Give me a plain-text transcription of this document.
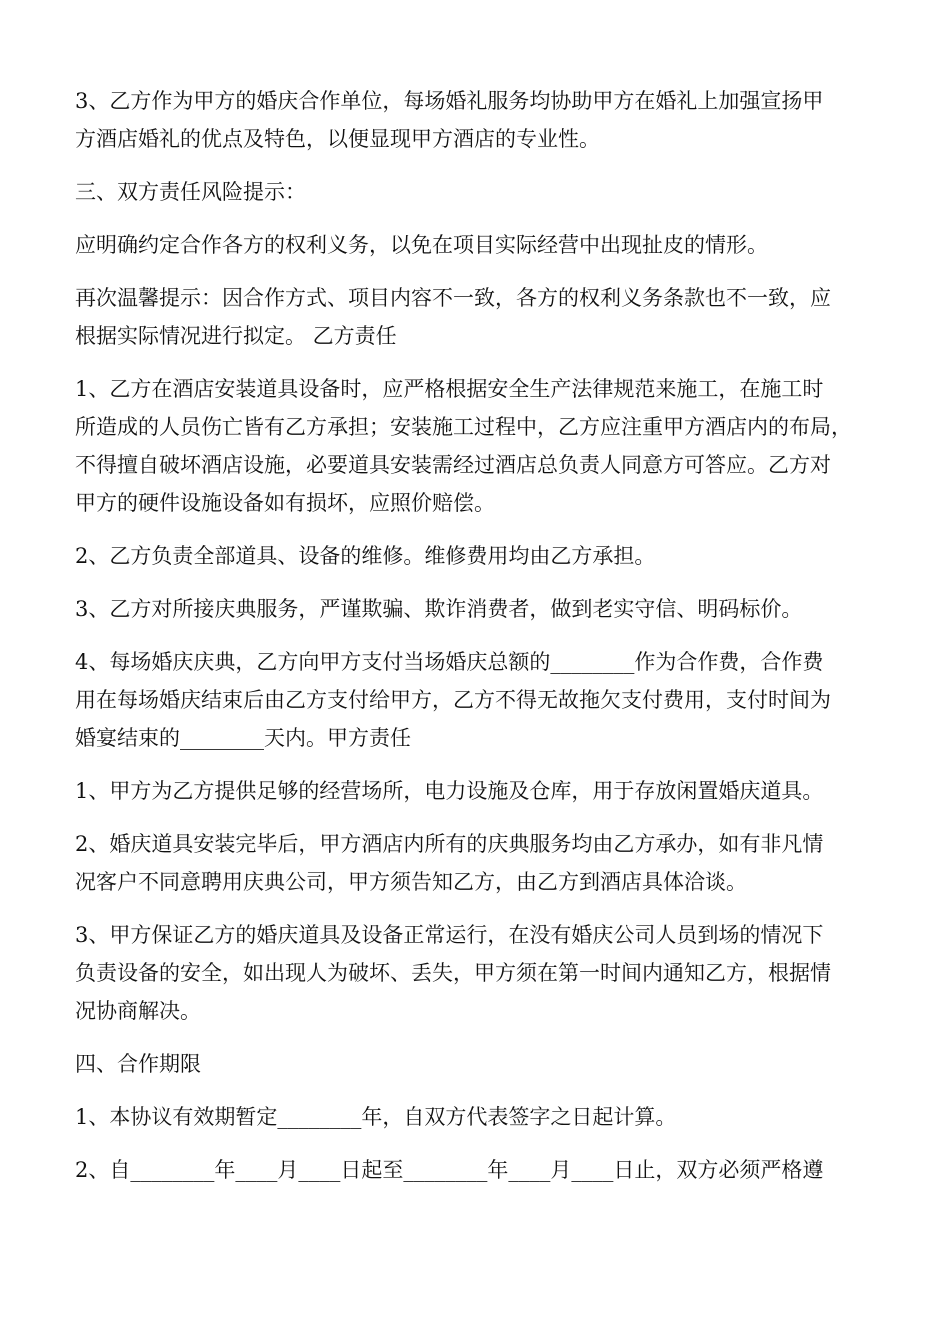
3、乙方作为甲方的婚庆合作单位，每场婚礼服务均协助甲方在婚礼上加强宣扬甲

方酒店婚礼的优点及特色，以便显现甲方酒店的专业性。

三、双方责任风险提示：

应明确约定合作各方的权利义务，以免在项目实际经营中出现扯皮的情形。

再次温馨提示：因合作方式、项目内容不一致，各方的权利义务条款也不一致，应

根据实际情况进行拟定。 乙方责任

1、乙方在酒店安装道具设备时，应严格根据安全生产法律规范来施工，在施工时

所造成的人员伤亡皆有乙方承担；安装施工过程中，乙方应注重甲方酒店内的布局，

不得擅自破坏酒店设施，必要道具安装需经过酒店总负责人同意方可答应。乙方对

甲方的硬件设施设备如有损坏，应照价赔偿。

2、乙方负责全部道具、设备的维修。维修费用均由乙方承担。

3、乙方对所接庆典服务，严谨欺骗、欺诈消费者，做到老实守信、明码标价。

4、每场婚庆庆典，乙方向甲方支付当场婚庆总额的________作为合作费，合作费

用在每场婚庆结束后由乙方支付给甲方，乙方不得无故拖欠支付费用，支付时间为

婚宴结束的________天内。甲方责任

1、甲方为乙方提供足够的经营场所，电力设施及仓库，用于存放闲置婚庆道具。

2、婚庆道具安装完毕后，甲方酒店内所有的庆典服务均由乙方承办，如有非凡情

况客户不同意聘用庆典公司，甲方须告知乙方，由乙方到酒店具体洽谈。

3、甲方保证乙方的婚庆道具及设备正常运行，在没有婚庆公司人员到场的情况下

负责设备的安全，如出现人为破坏、丢失，甲方须在第一时间内通知乙方，根据情

况协商解决。

四、合作期限

1、本协议有效期暂定________年，自双方代表签字之日起计算。

2、自________年____月____日起至________年____月____日止，双方必须严格遵
